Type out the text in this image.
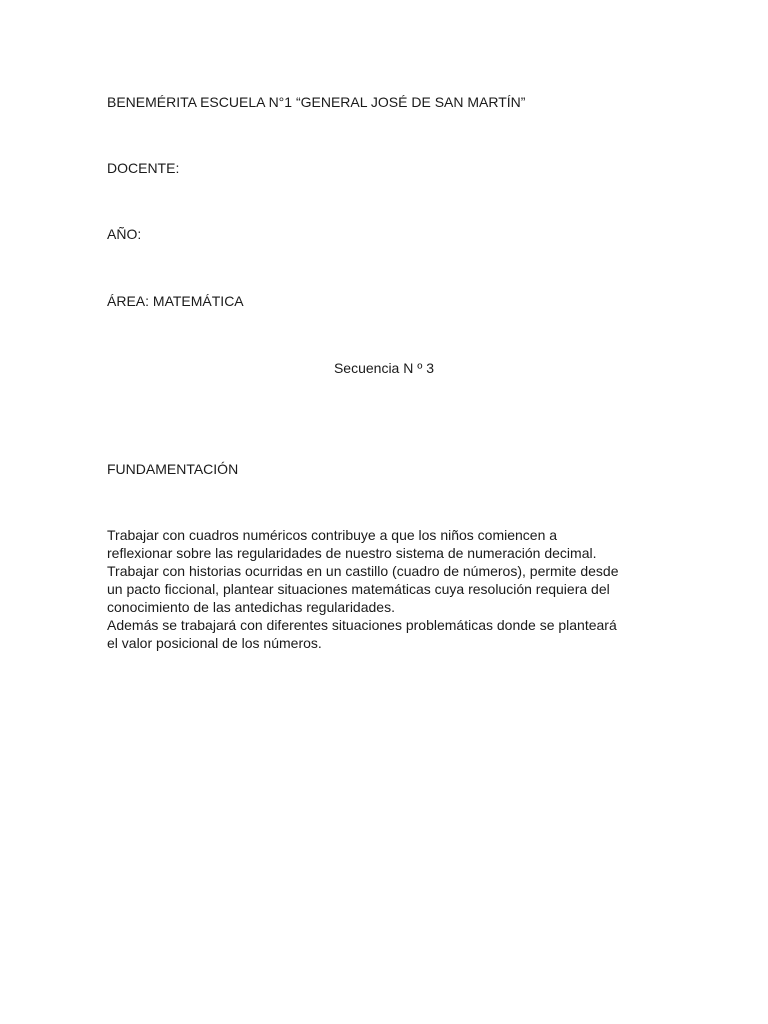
BENEMÉRITA ESCUELA N°1 “GENERAL JOSÉ DE SAN MARTÍN”
DOCENTE:
AÑO:
ÁREA: MATEMÁTICA
Secuencia N º 3
FUNDAMENTACIÓN
Trabajar con cuadros numéricos contribuye a que los niños comiencen a
reflexionar sobre las regularidades de nuestro sistema de numeración decimal.
Trabajar con historias ocurridas en un castillo (cuadro de números), permite desde
un pacto ficcional, plantear situaciones matemáticas cuya resolución requiera del
conocimiento de las antedichas regularidades.
Además se trabajará con diferentes situaciones problemáticas donde se planteará
el valor posicional de los números.
